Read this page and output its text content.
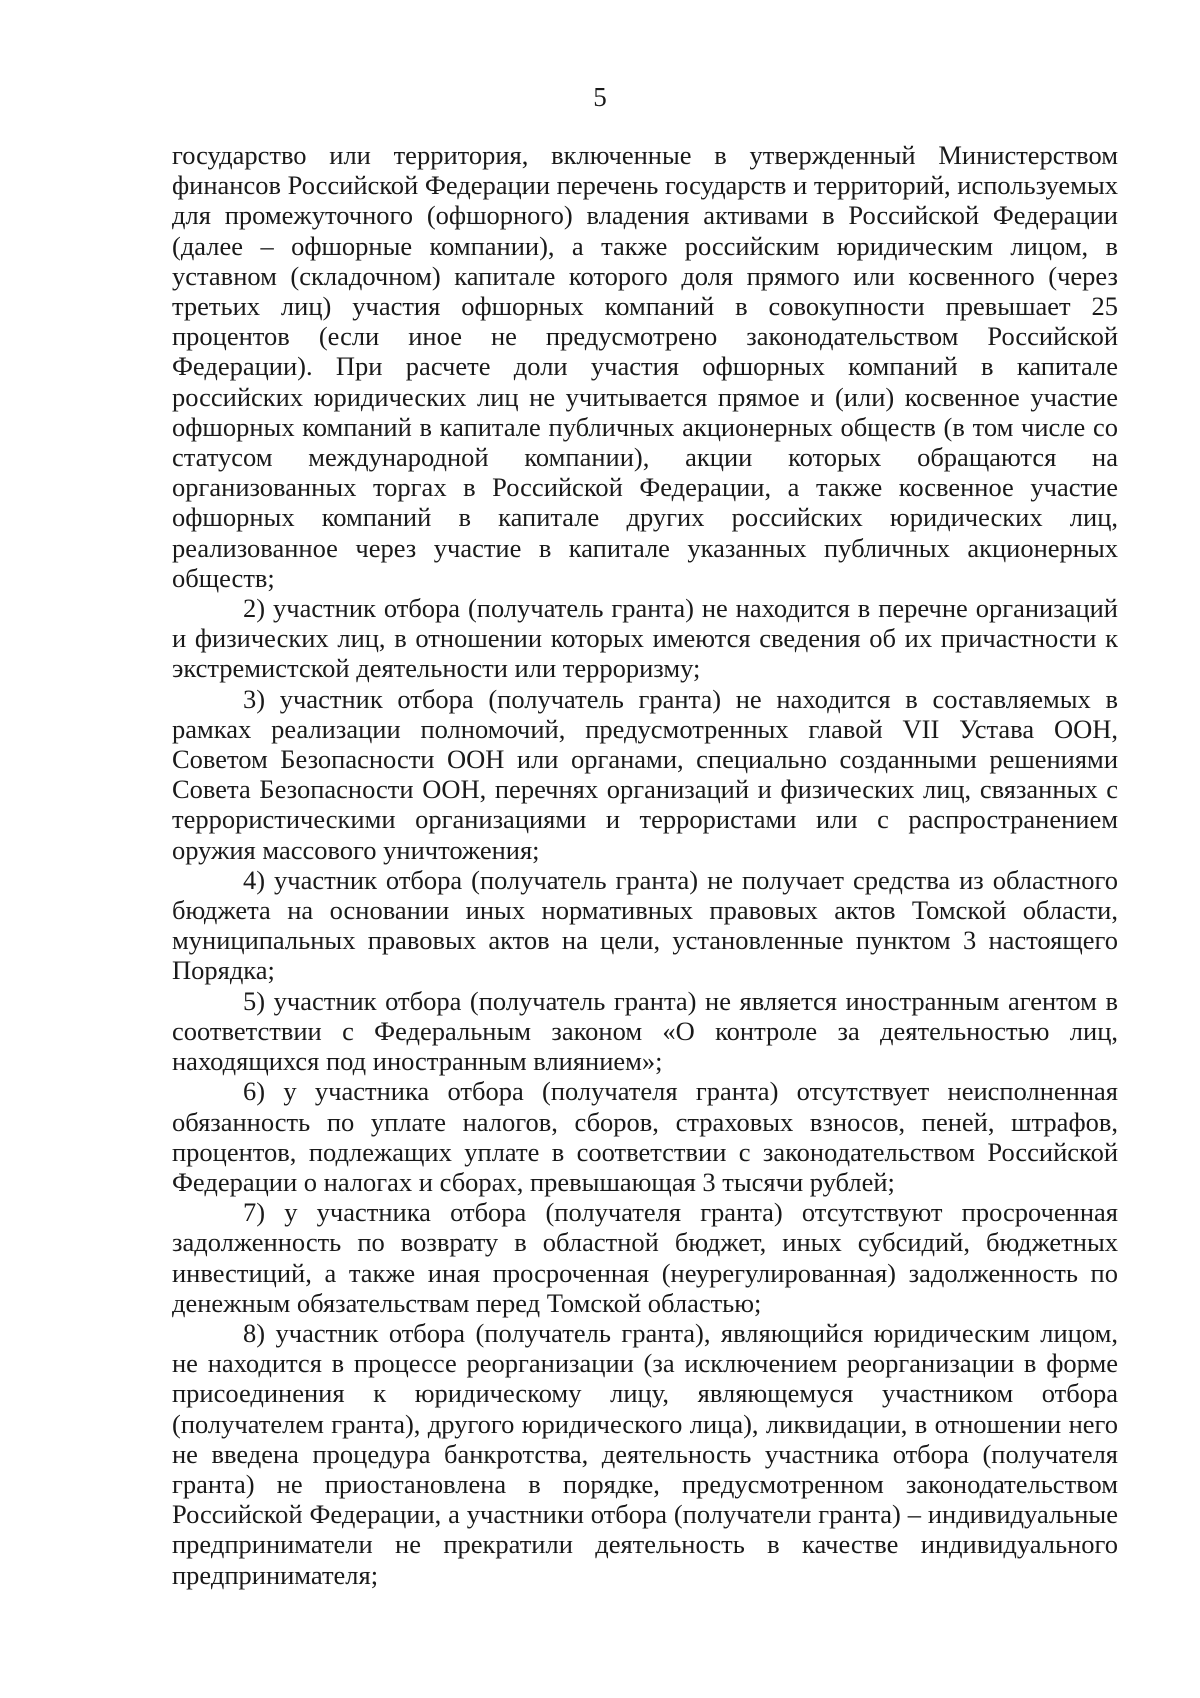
5

государство или территория, включенные в утвержденный Министерством финансов Российской Федерации перечень государств и территорий, используемых для промежуточного (офшорного) владения активами в Российской Федерации (далее – офшорные компании), а также российским юридическим лицом, в уставном (складочном) капитале которого доля прямого или косвенного (через третьих лиц) участия офшорных компаний в совокупности превышает 25 процентов (если иное не предусмотрено законодательством Российской Федерации). При расчете доли участия офшорных компаний в капитале российских юридических лиц не учитывается прямое и (или) косвенное участие офшорных компаний в капитале публичных акционерных обществ (в том числе со статусом международной компании), акции которых обращаются на организованных торгах в Российской Федерации, а также косвенное участие офшорных компаний в капитале других российских юридических лиц, реализованное через участие в капитале указанных публичных акционерных обществ;

2) участник отбора (получатель гранта) не находится в перечне организаций и физических лиц, в отношении которых имеются сведения об их причастности к экстремистской деятельности или терроризму;

3) участник отбора (получатель гранта) не находится в составляемых в рамках реализации полномочий, предусмотренных главой VII Устава ООН, Советом Безопасности ООН или органами, специально созданными решениями Совета Безопасности ООН, перечнях организаций и физических лиц, связанных с террористическими организациями и террористами или с распространением оружия массового уничтожения;

4) участник отбора (получатель гранта) не получает средства из областного бюджета на основании иных нормативных правовых актов Томской области, муниципальных правовых актов на цели, установленные пунктом 3 настоящего Порядка;

5) участник отбора (получатель гранта) не является иностранным агентом в соответствии с Федеральным законом «О контроле за деятельностью лиц, находящихся под иностранным влиянием»;

6) у участника отбора (получателя гранта) отсутствует неисполненная обязанность по уплате налогов, сборов, страховых взносов, пеней, штрафов, процентов, подлежащих уплате в соответствии с законодательством Российской Федерации о налогах и сборах, превышающая 3 тысячи рублей;

7) у участника отбора (получателя гранта) отсутствуют просроченная задолженность по возврату в областной бюджет, иных субсидий, бюджетных инвестиций, а также иная просроченная (неурегулированная) задолженность по денежным обязательствам перед Томской областью;

8) участник отбора (получатель гранта), являющийся юридическим лицом, не находится в процессе реорганизации (за исключением реорганизации в форме присоединения к юридическому лицу, являющемуся участником отбора (получателем гранта), другого юридического лица), ликвидации, в отношении него не введена процедура банкротства, деятельность участника отбора (получателя гранта) не приостановлена в порядке, предусмотренном законодательством Российской Федерации, а участники отбора (получатели гранта) – индивидуальные предприниматели не прекратили деятельность в качестве индивидуального предпринимателя;
